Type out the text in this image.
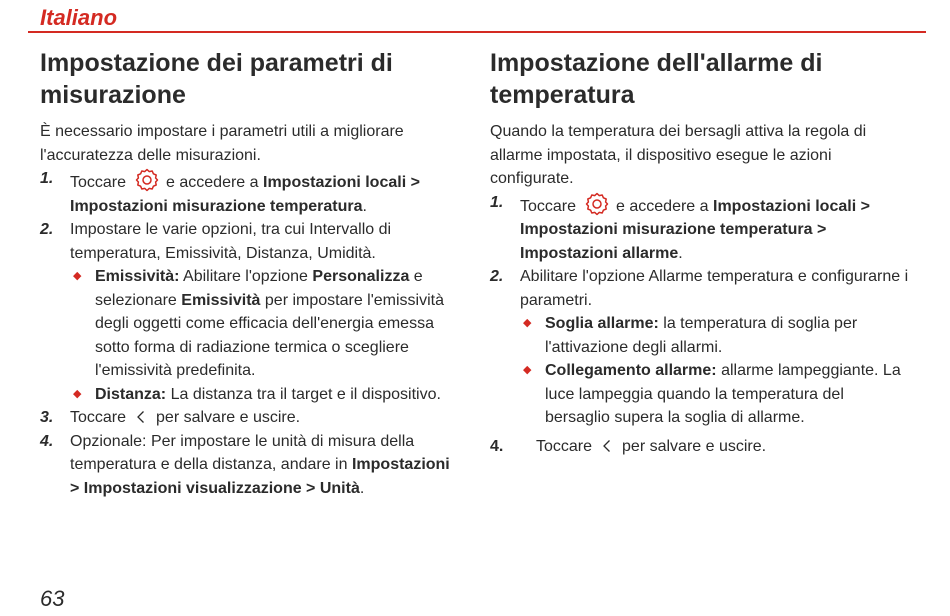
Italiano
Impostazione dei parametri di misurazione

È necessario impostare i parametri utili a migliorare l'accuratezza delle misurazioni.

1. Toccare	e accedere a Impostazioni locali > Impostazioni misurazione temperatura.
2. Impostare le varie opzioni, tra cui Intervallo di temperatura, Emissività, Distanza, Umidità.
◆ Emissività: Abilitare l'opzione Personalizza e selezionare Emissività per impostare l'emissività degli oggetti come efficacia dell'energia emessa sotto forma di radiazione termica o scegliere l'emissività predefinita.
◆ Distanza: La distanza tra il target e il dispositivo.
3. Toccare per salvare e uscire.
4. Opzionale: Per impostare le unità di misura della temperatura e della distanza, andare in Impostazioni > Impostazioni visualizzazione > Unità.
Impostazione dell'allarme di temperatura

Quando la temperatura dei bersagli attiva la regola di allarme impostata, il dispositivo esegue le azioni configurate.

1. Toccare	e accedere a Impostazioni locali > Impostazioni misurazione temperatura > Impostazioni allarme.
2. Abilitare l'opzione Allarme temperatura e configurarne i parametri.
◆ Soglia allarme: la temperatura di soglia per l'attivazione degli allarmi.
◆ Collegamento allarme: allarme lampeggiante. La luce lampeggia quando la temperatura del bersaglio supera la soglia di allarme.
4. Toccare per salvare e uscire.
63
